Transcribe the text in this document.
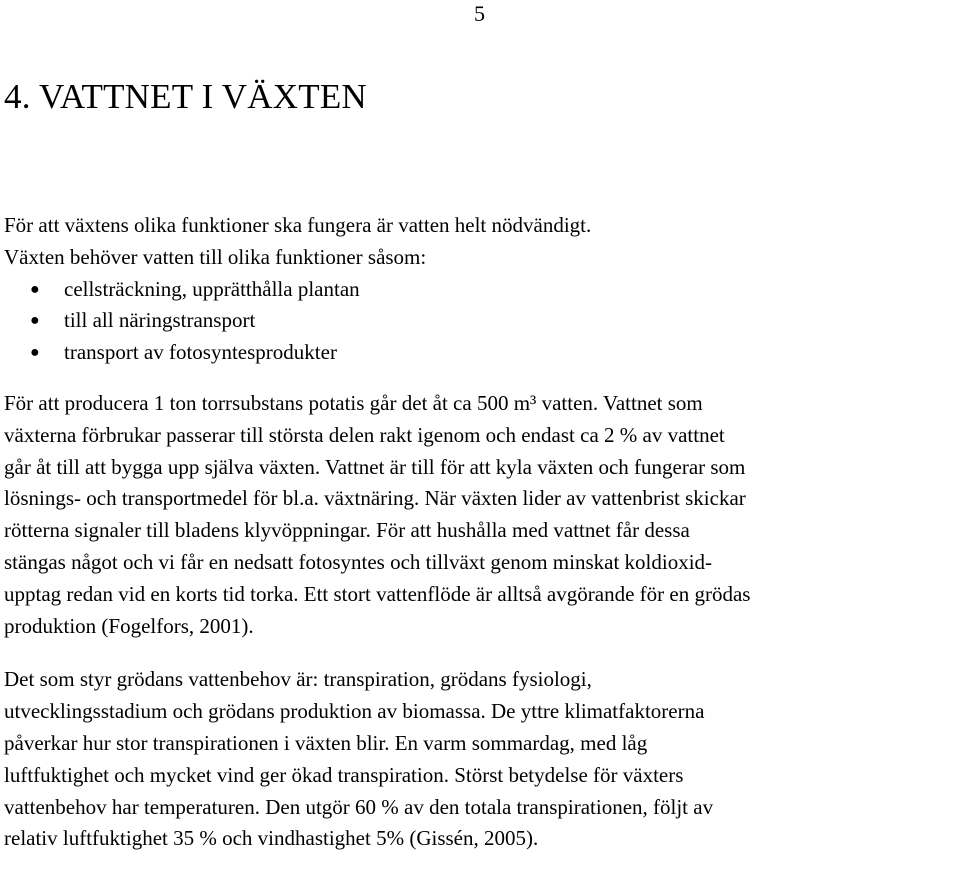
5
4. VATTNET I VÄXTEN
För att växtens olika funktioner ska fungera är vatten helt nödvändigt.
Växten behöver vatten till olika funktioner såsom:
● cellsträckning, upprätthålla plantan
● till all näringstransport
● transport av fotosyntesprodukter
För att producera 1 ton torrsubstans potatis går det åt ca 500 m³ vatten. Vattnet som
växterna förbrukar passerar till största delen rakt igenom och endast ca 2 % av vattnet
går åt till att bygga upp själva växten. Vattnet är till för att kyla växten och fungerar som
lösnings- och transportmedel för bl.a. växtnäring. När växten lider av vattenbrist skickar
rötterna signaler till bladens klyvöppningar. För att hushålla med vattnet får dessa
stängas något och vi får en nedsatt fotosyntes och tillväxt genom minskat koldioxid-
upptag redan vid en korts tid torka. Ett stort vattenflöde är alltså avgörande för en grödas
produktion (Fogelfors, 2001).
Det som styr grödans vattenbehov är: transpiration, grödans fysiologi,
utvecklingsstadium och grödans produktion av biomassa. De yttre klimatfaktorerna
påverkar hur stor transpirationen i växten blir. En varm sommardag, med låg
luftfuktighet och mycket vind ger ökad transpiration. Störst betydelse för växters
vattenbehov har temperaturen. Den utgör 60 % av den totala transpirationen, följt av
relativ luftfuktighet 35 % och vindhastighet 5% (Gissén, 2005).
